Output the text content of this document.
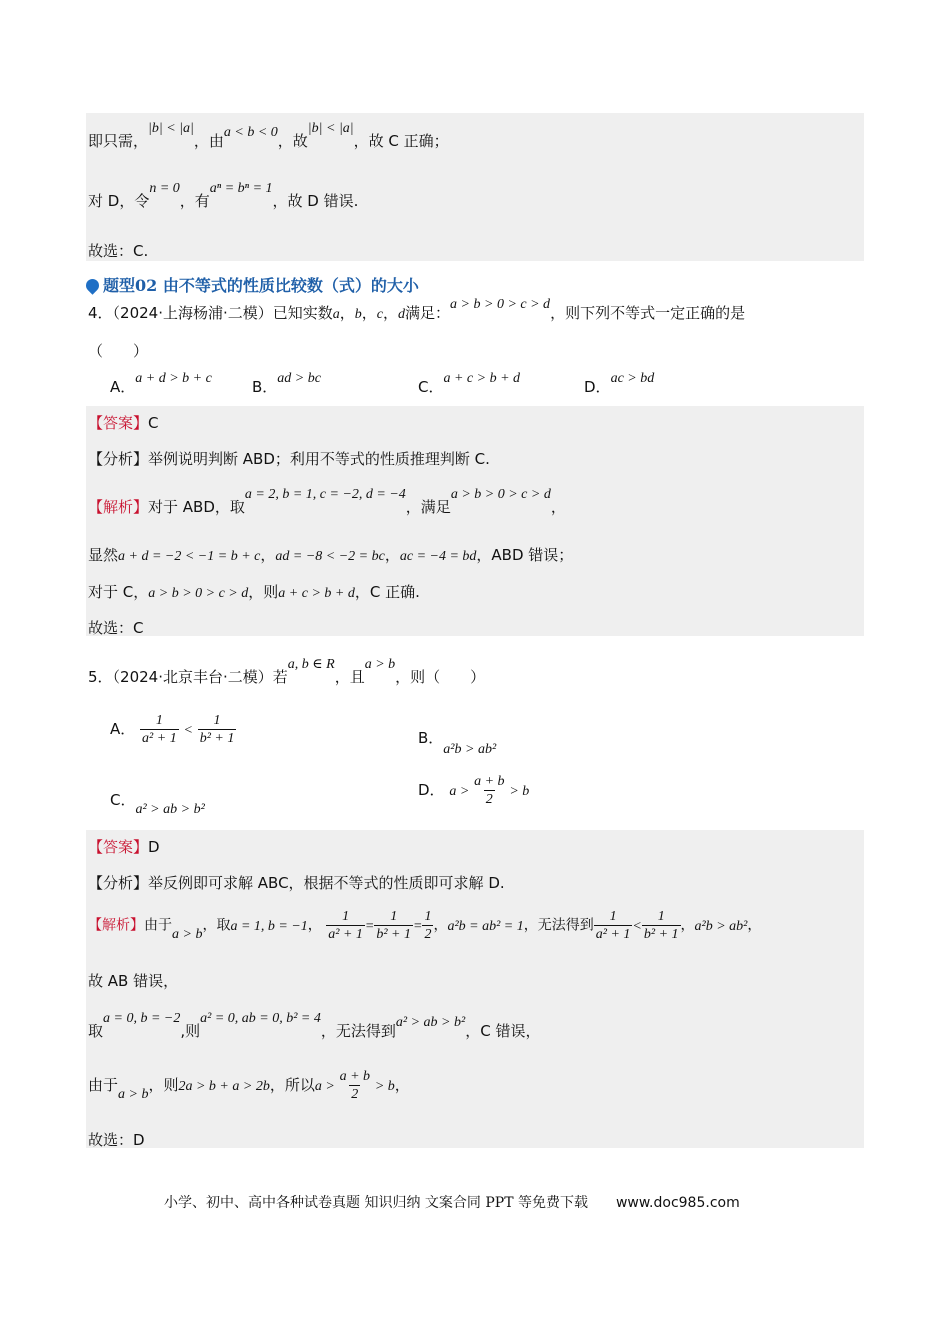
即只需，|b| < |a|，由a < b < 0，故|b| < |a|，故 C 正确；
对 D，令n = 0，有aⁿ = bⁿ = 1，故 D 错误.
故选：C.
题型02 由不等式的性质比较数（式）的大小
4．（2024·上海杨浦·二模）已知实数a，b，c，d满足：a > b > 0 > c > d，则下列不等式一定正确的是
（　　）
A．a + d > b + c	B．ad > bc	C．a + c > b + d	D．ac > bd
【答案】C
【分析】举例说明判断 ABD；利用不等式的性质推理判断 C.
【解析】对于 ABD，取a = 2, b = 1, c = −2, d = −4，满足a > b > 0 > c > d，
显然a + d = −2 < −1 = b + c，ad = −8 < −2 = bc，ac = −4 = bd，ABD 错误；
对于 C，a > b > 0 > c > d，则a + c > b + d，C 正确.
故选：C
5．（2024·北京丰台·二模）若a, b ∈ R，且a > b，则（　　）
A． $\frac{1}{\text{a² + 1}} < \frac{1}{\text{b² + 1}}$	B．a²b > ab²
C．a² > ab > b²
D． $a > \frac{a + b}{2} > b$
【答案】D
【分析】举反例即可求解 ABC，根据不等式的性质即可求解 D.
【解析】由于a > b，取a = 1, b = −1， $\frac{1}{\text{a² + 1}} = \frac{1}{\text{b² + 1}} = \frac{1}{2}$ ，a²b = ab² = 1，无法得到 $\frac{1}{\text{a² + 1}} < \frac{1}{\text{b² + 1}}$ ，a²b > ab²，
故 AB 错误，
取a = 0, b = −2,则a² = 0, ab = 0, b² = 4，无法得到a² > ab > b²，C 错误，
由于a > b，则2a > b + a > 2b，所以$a > \frac{a + b}{2} > b$，
故选：D
小学、初中、高中各种试卷真题 知识归纳 文案合同 PPT 等免费下载 www.doc985.com
